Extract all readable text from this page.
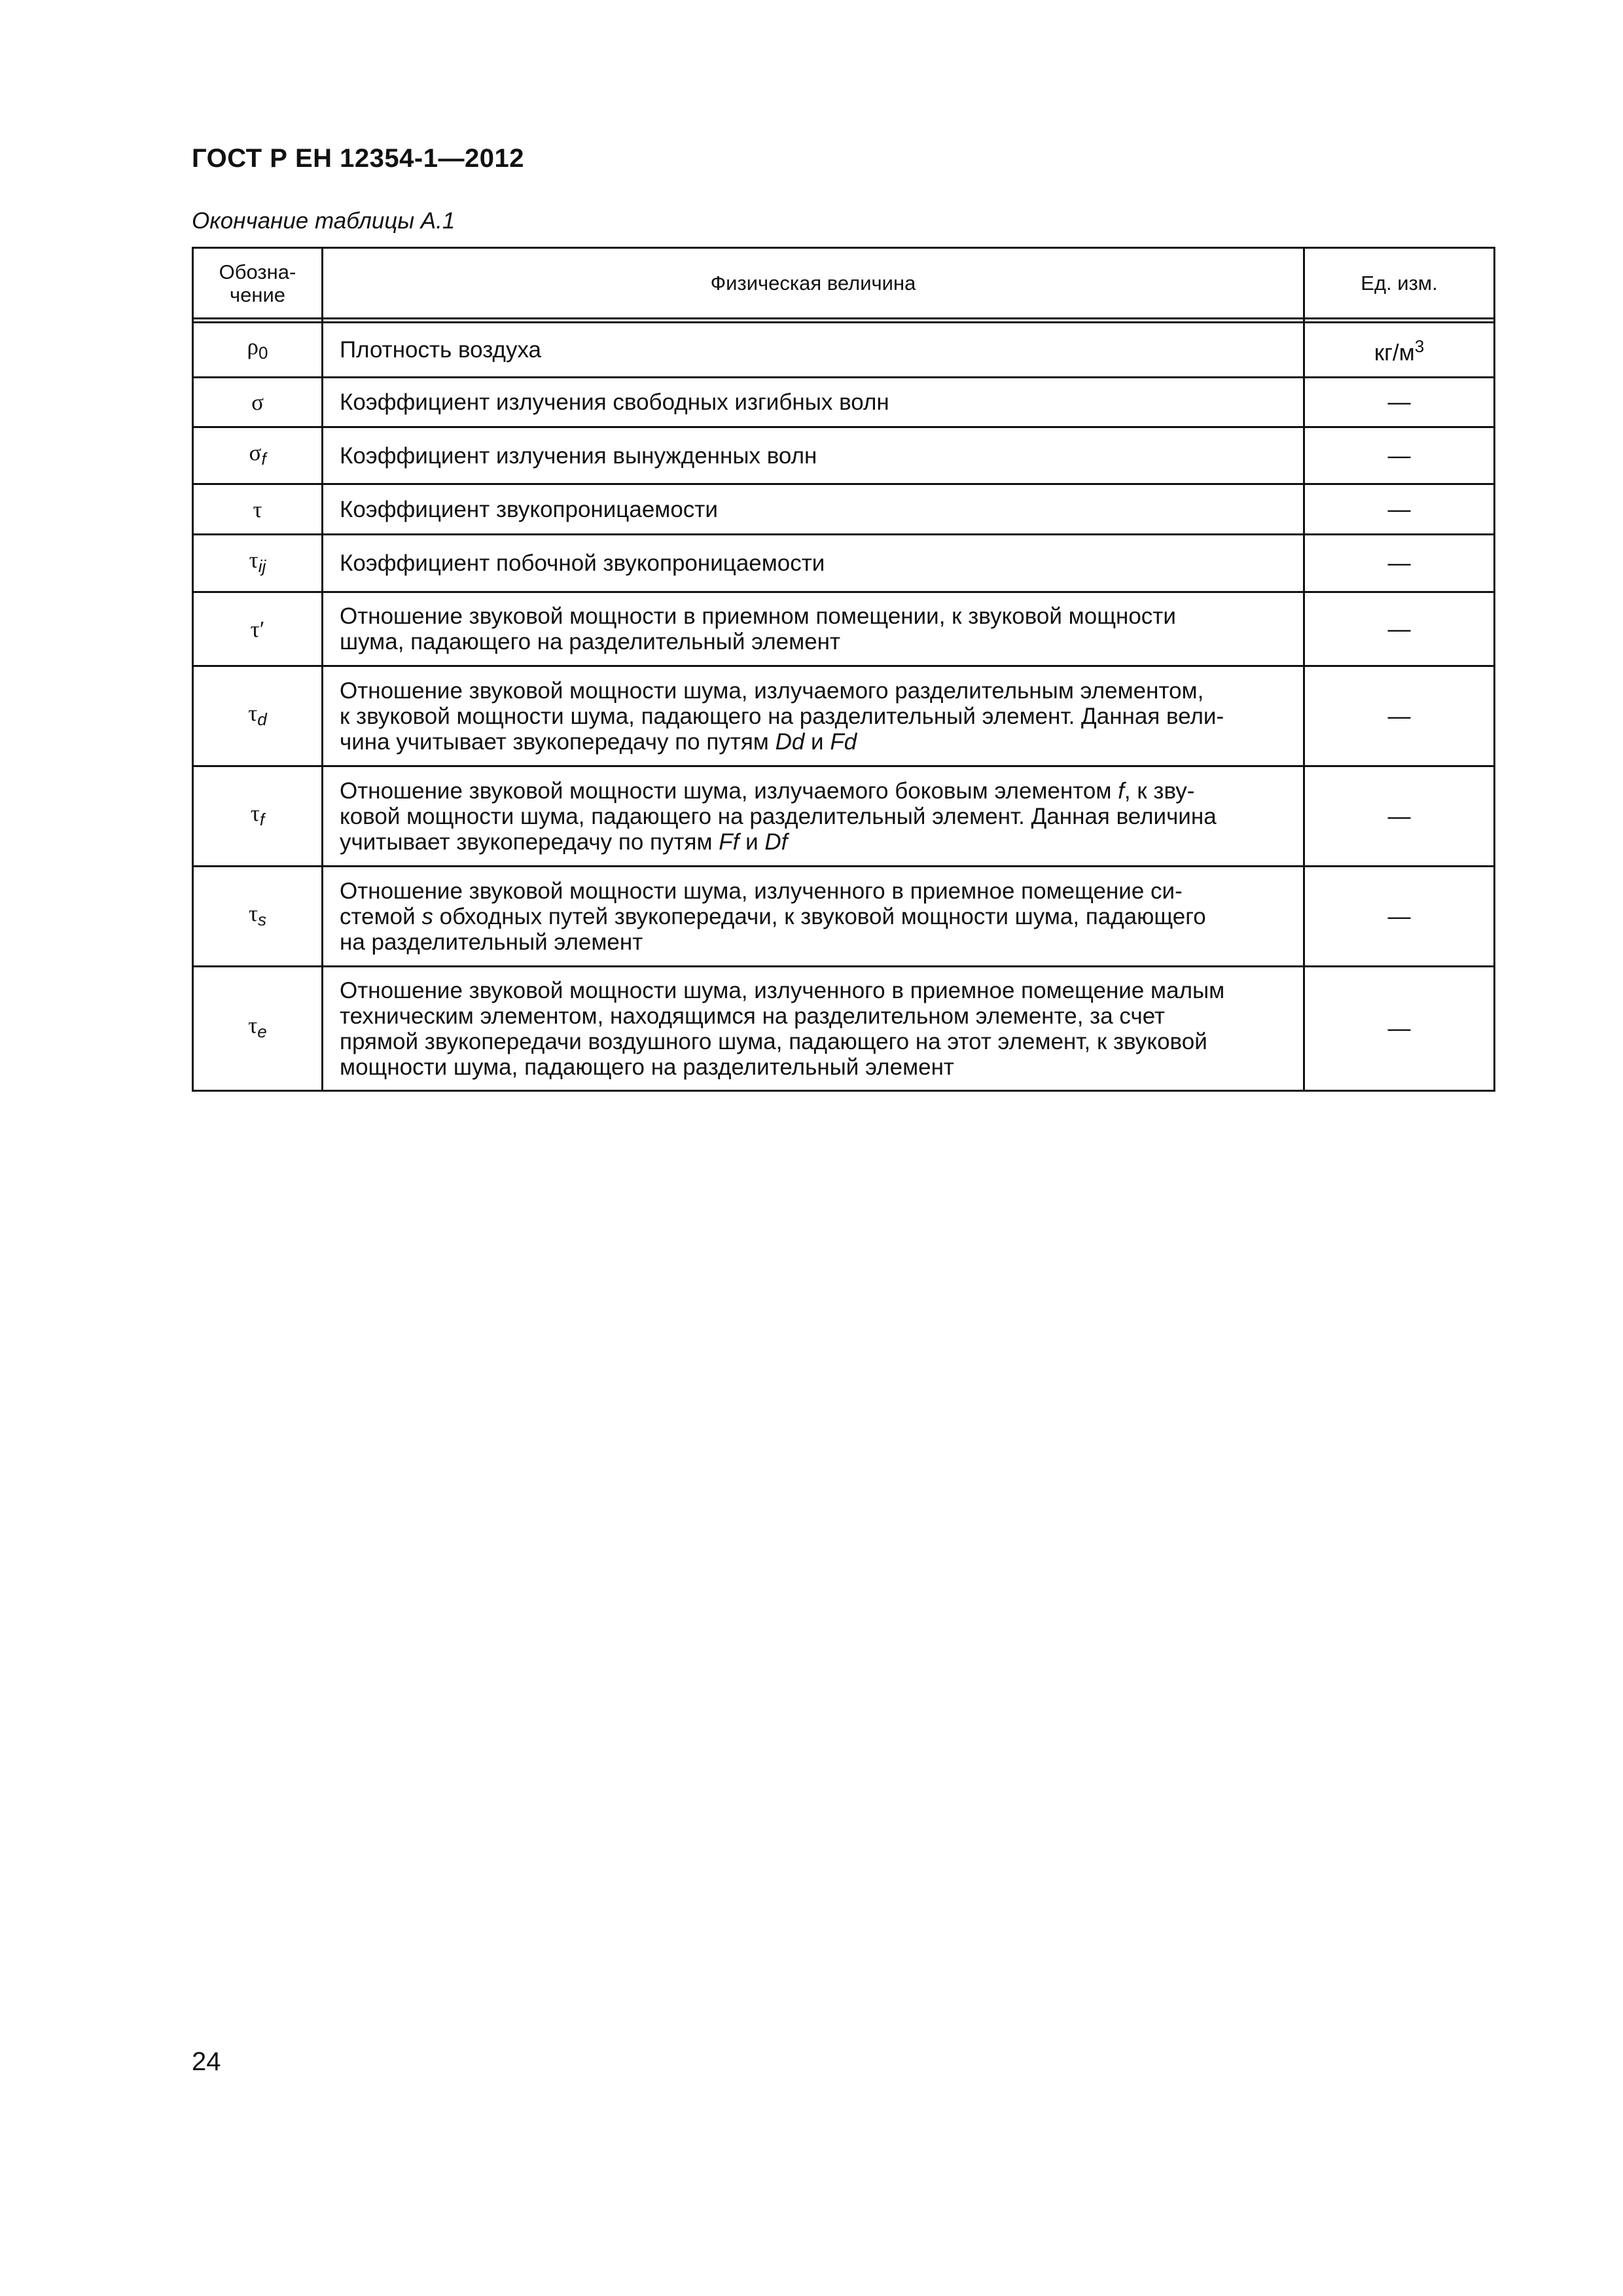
ГОСТ Р ЕН 12354-1—2012
Окончание таблицы А.1
Обозна-
чение	Физическая величина	Ед. изм.

$\rho_0$	Плотность воздуха	$кг/м^3$
σ	Коэффициент излучения свободных изгибных волн	—
$\sigma_f$	Коэффициент излучения вынужденных волн	—
τ	Коэффициент звукопроницаемости	—
$\tau_{ij}$	Коэффициент побочной звукопроницаемости	—
τ′	Отношение звуковой мощности в приемном помещении, к звуковой мощности
шума, падающего на разделительный элемент	—
$\tau_d$	Отношение звуковой мощности шума, излучаемого разделительным элементом,
к звуковой мощности шума, падающего на разделительный элемент. Данная вели-
чина учитывает звукопередачу по путям Dd и Fd	—
$\tau_f$	Отношение звуковой мощности шума, излучаемого боковым элементом f, к зву-
ковой мощности шума, падающего на разделительный элемент. Данная величина
учитывает звукопередачу по путям Ff и Df	—
$\tau_s$	Отношение звуковой мощности шума, излученного в приемное помещение си-
стемой s обходных путей звукопередачи, к звуковой мощности шума, падающего
на разделительный элемент	—
$\tau_e$	Отношение звуковой мощности шума, излученного в приемное помещение малым
техническим элементом, находящимся на разделительном элементе, за счет
прямой звукопередачи воздушного шума, падающего на этот элемент, к звуковой
мощности шума, падающего на разделительный элемент	—
24
